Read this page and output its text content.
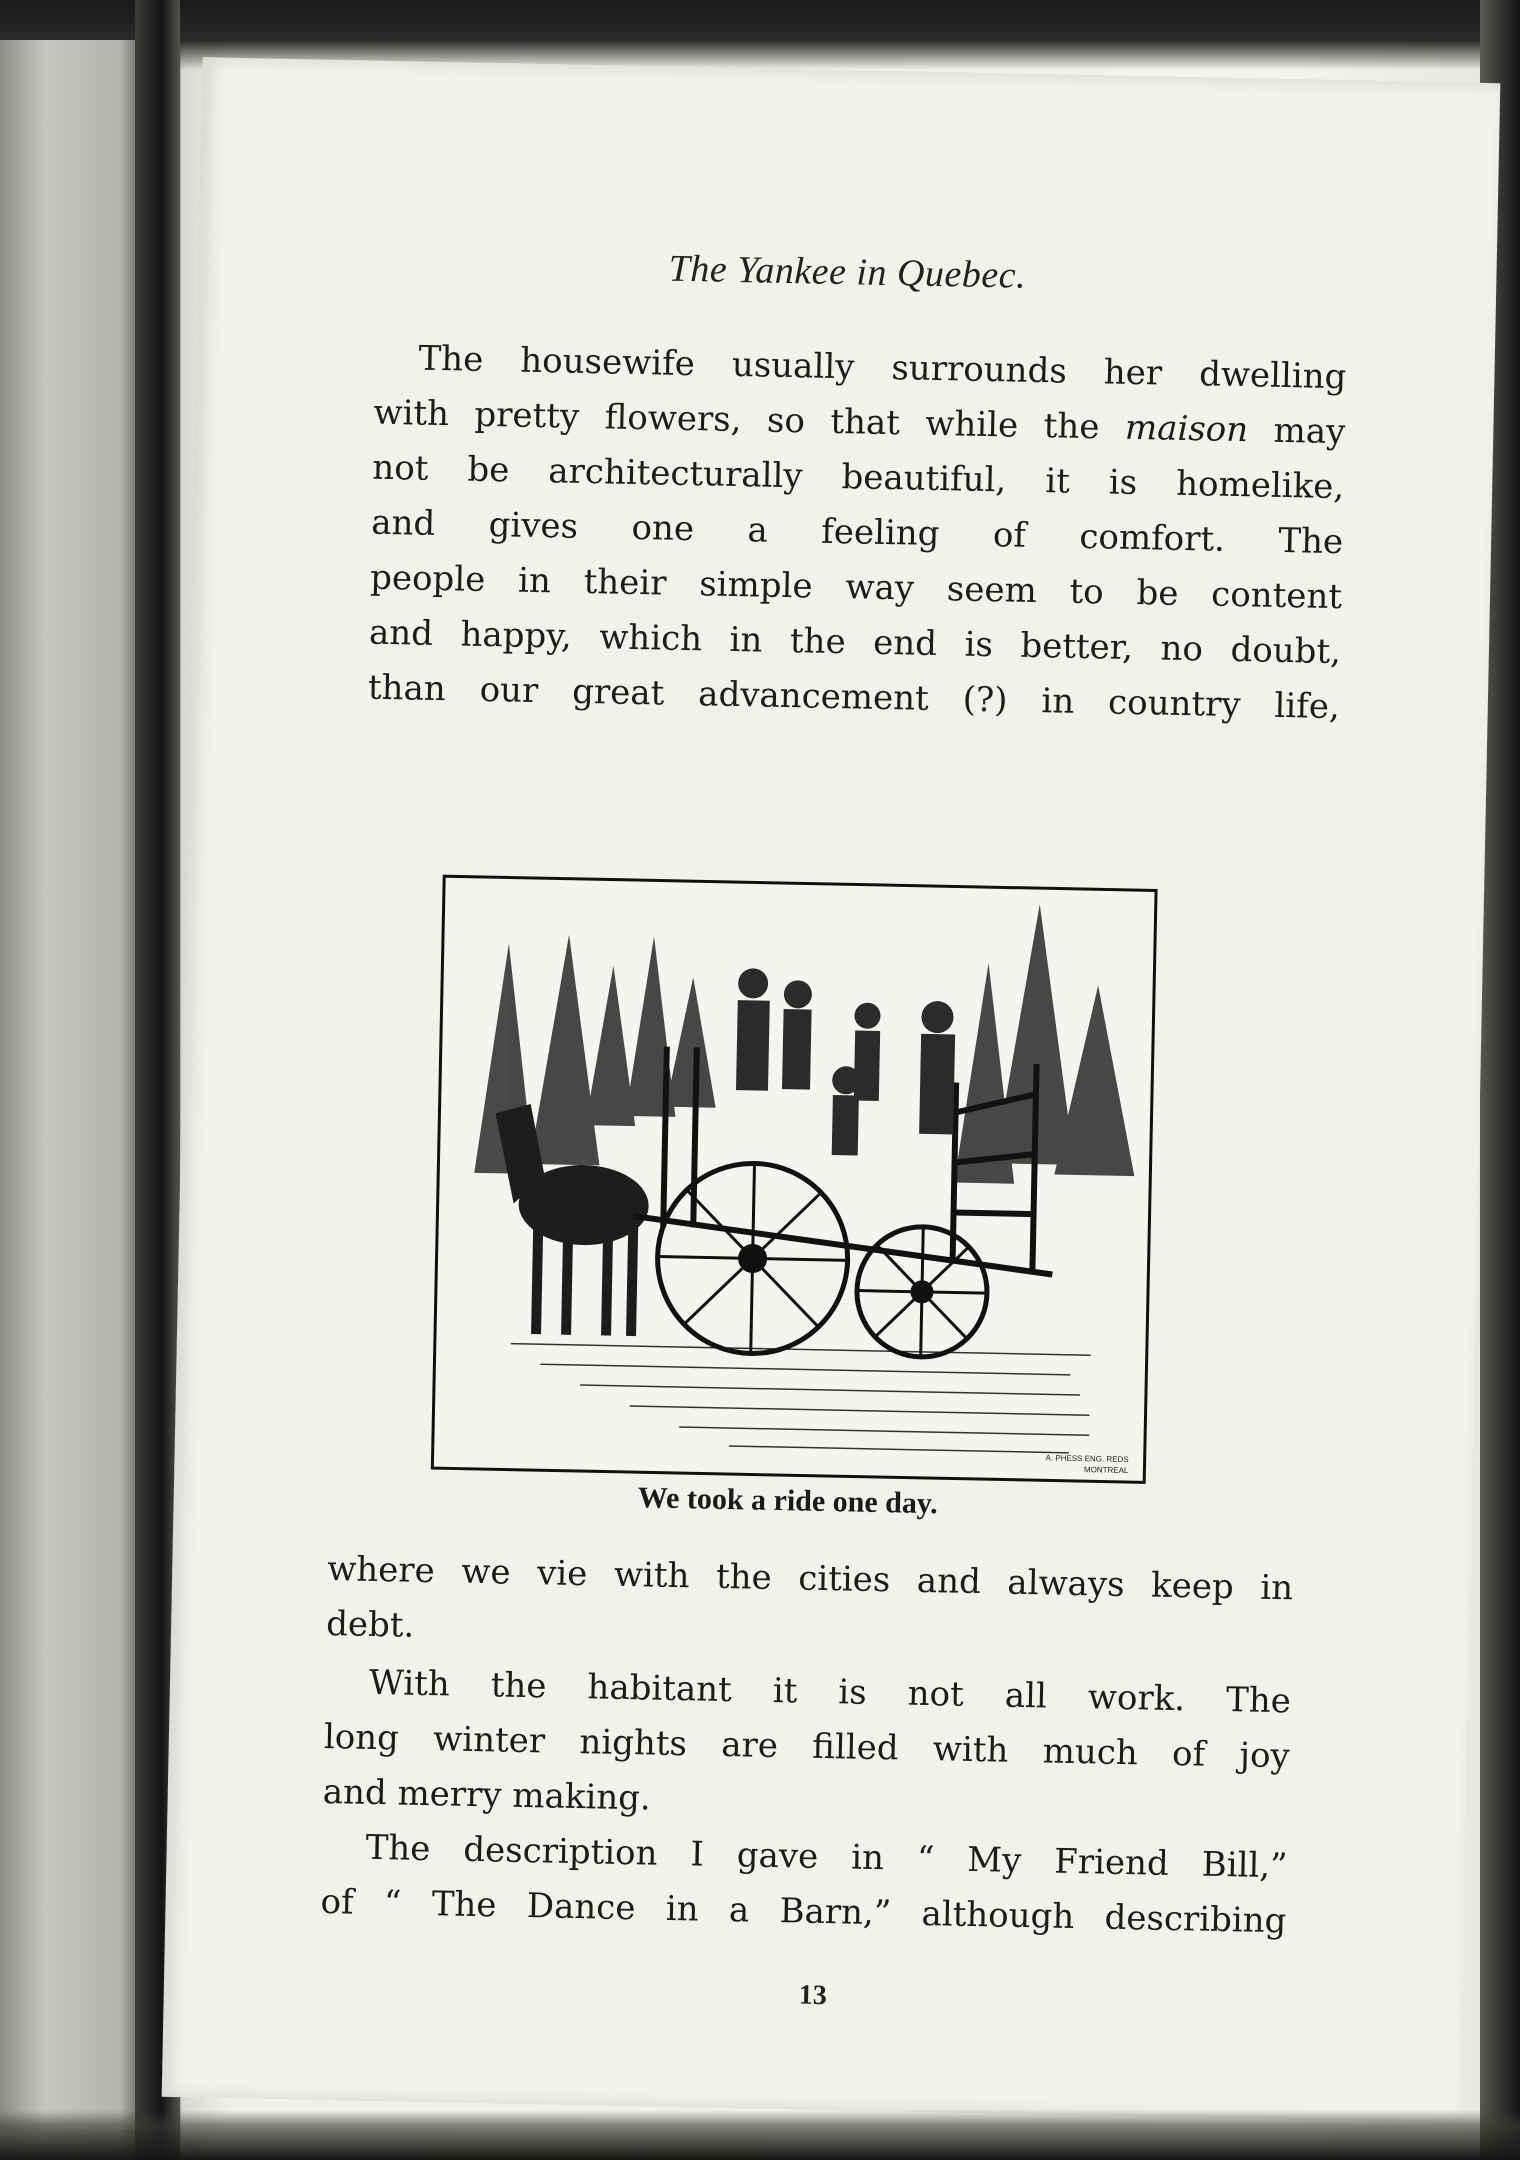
The Yankee in Quebec.

The housewife usually surrounds her dwelling
with pretty flowers, so that while the maison may
not be architecturally beautiful, it is homelike,
and gives one a feeling of comfort. The
people in their simple way seem to be content
and happy, which in the end is better, no doubt,
than our great advancement (?) in country life,

A. PHESS ENG. REDS
MONTREAL
We took a ride one day.

where we vie with the cities and always keep in
debt.

With the habitant it is not all work. The
long winter nights are filled with much of joy
and merry making.

The description I gave in “ My Friend Bill,”
of “ The Dance in a Barn,” although describing

13
